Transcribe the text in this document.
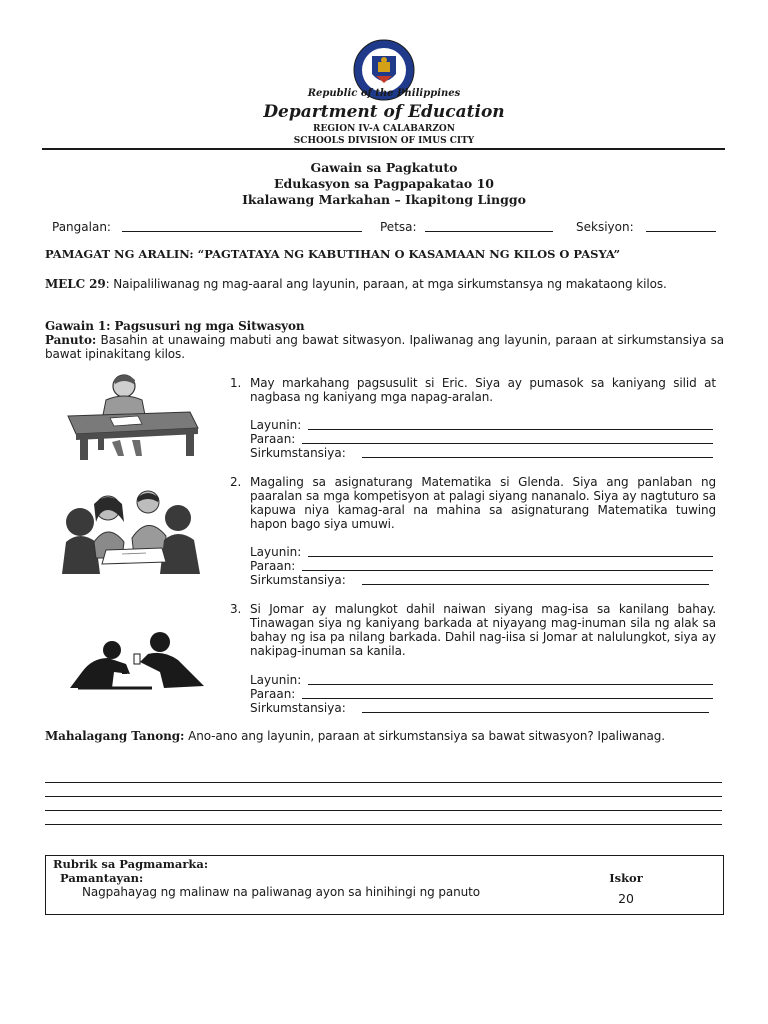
Republic of the Philippines
Department of Education
REGION IV-A CALABARZON
SCHOOLS DIVISION OF IMUS CITY
Gawain sa Pagkatuto
Edukasyon sa Pagpapakatao 10
Ikalawang Markahan – Ikapitong Linggo
Pangalan:	Petsa:	Seksiyon:
PAMAGAT NG ARALIN: “PAGTATAYA NG KABUTIHAN O KASAMAAN NG KILOS O PASYA”
MELC 29: Naipaliliwanag ng mag-aaral ang layunin, paraan, at mga sirkumstansya ng makataong kilos.
Gawain 1: Pagsusuri ng mga Sitwasyon
Panuto: Basahin at unawaing mabuti ang bawat sitwasyon. Ipaliwanag ang layunin, paraan at sirkumstansiya sa bawat ipinakitang kilos.
1. May markahang pagsusulit si Eric. Siya ay pumasok sa kaniyang silid at nagbasa ng kaniyang mga napag-aralan.
Layunin:
Paraan:
Sirkumstansiya:
2. Magaling sa asignaturang Matematika si Glenda. Siya ang panlaban ng paaralan sa mga kompetisyon at palagi siyang nananalo. Siya ay nagtuturo sa kapuwa niya kamag-aral na mahina sa asignaturang Matematika tuwing hapon bago siya umuwi.
Layunin:
Paraan:
Sirkumstansiya:
3. Si Jomar ay malungkot dahil naiwan siyang mag-isa sa kanilang bahay. Tinawagan siya ng kaniyang barkada at niyayang mag-inuman sila ng alak sa bahay ng isa pa nilang barkada. Dahil nag-iisa si Jomar at nalulungkot, siya ay nakipag-inuman sa kanila.
Layunin:
Paraan:
Sirkumstansiya:
Mahalagang Tanong: Ano-ano ang layunin, paraan at sirkumstansiya sa bawat sitwasyon? Ipaliwanag.
Rubrik sa Pagmamarka:
Pamantayan:	Iskor
Nagpahayag ng malinaw na paliwanag ayon sa hinihingi ng panuto	20
